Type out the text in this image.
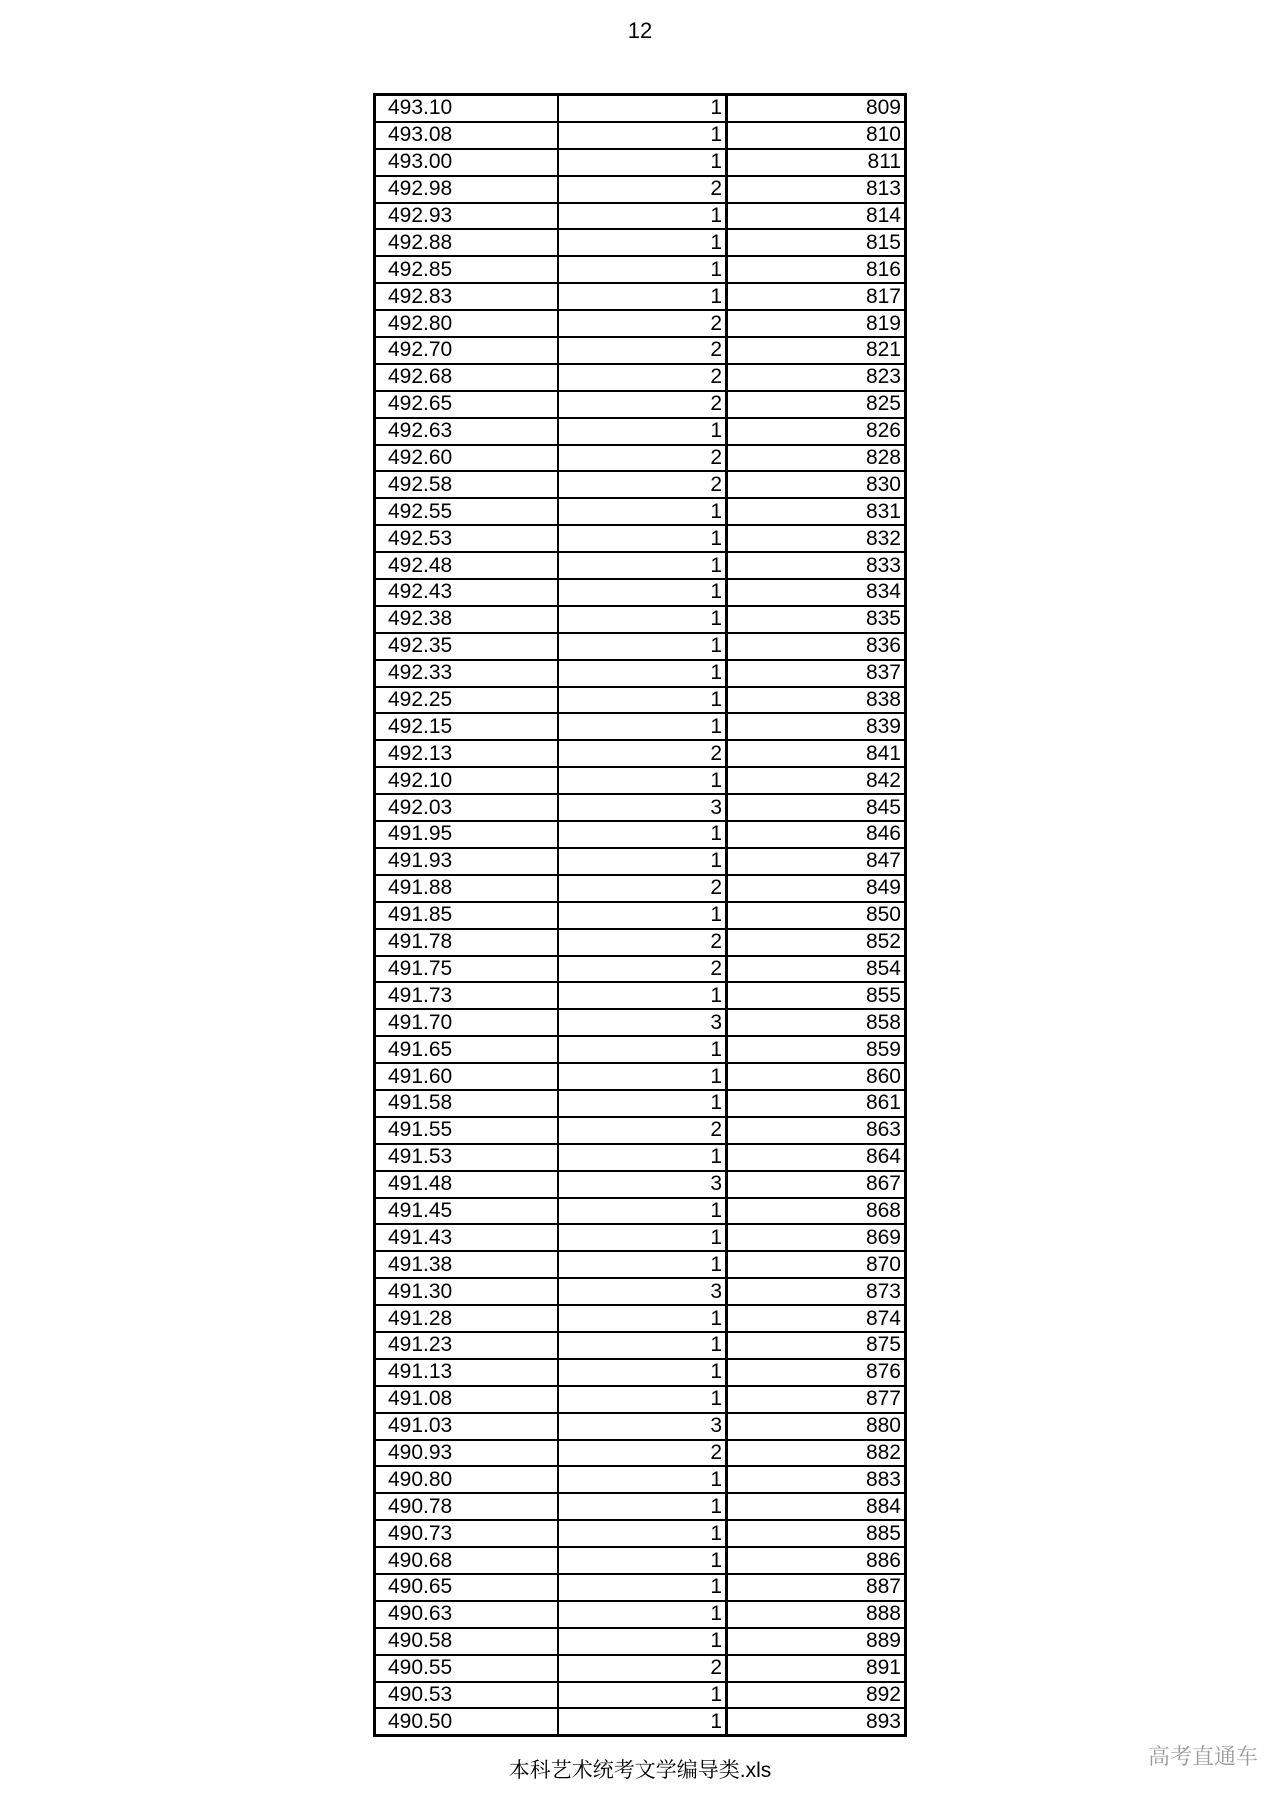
12
493.10	1	809
493.08	1	810
493.00	1	811
492.98	2	813
492.93	1	814
492.88	1	815
492.85	1	816
492.83	1	817
492.80	2	819
492.70	2	821
492.68	2	823
492.65	2	825
492.63	1	826
492.60	2	828
492.58	2	830
492.55	1	831
492.53	1	832
492.48	1	833
492.43	1	834
492.38	1	835
492.35	1	836
492.33	1	837
492.25	1	838
492.15	1	839
492.13	2	841
492.10	1	842
492.03	3	845
491.95	1	846
491.93	1	847
491.88	2	849
491.85	1	850
491.78	2	852
491.75	2	854
491.73	1	855
491.70	3	858
491.65	1	859
491.60	1	860
491.58	1	861
491.55	2	863
491.53	1	864
491.48	3	867
491.45	1	868
491.43	1	869
491.38	1	870
491.30	3	873
491.28	1	874
491.23	1	875
491.13	1	876
491.08	1	877
491.03	3	880
490.93	2	882
490.80	1	883
490.78	1	884
490.73	1	885
490.68	1	886
490.65	1	887
490.63	1	888
490.58	1	889
490.55	2	891
490.53	1	892
490.50	1	893
本科艺术统考文学编导类.xls
高考直通车
